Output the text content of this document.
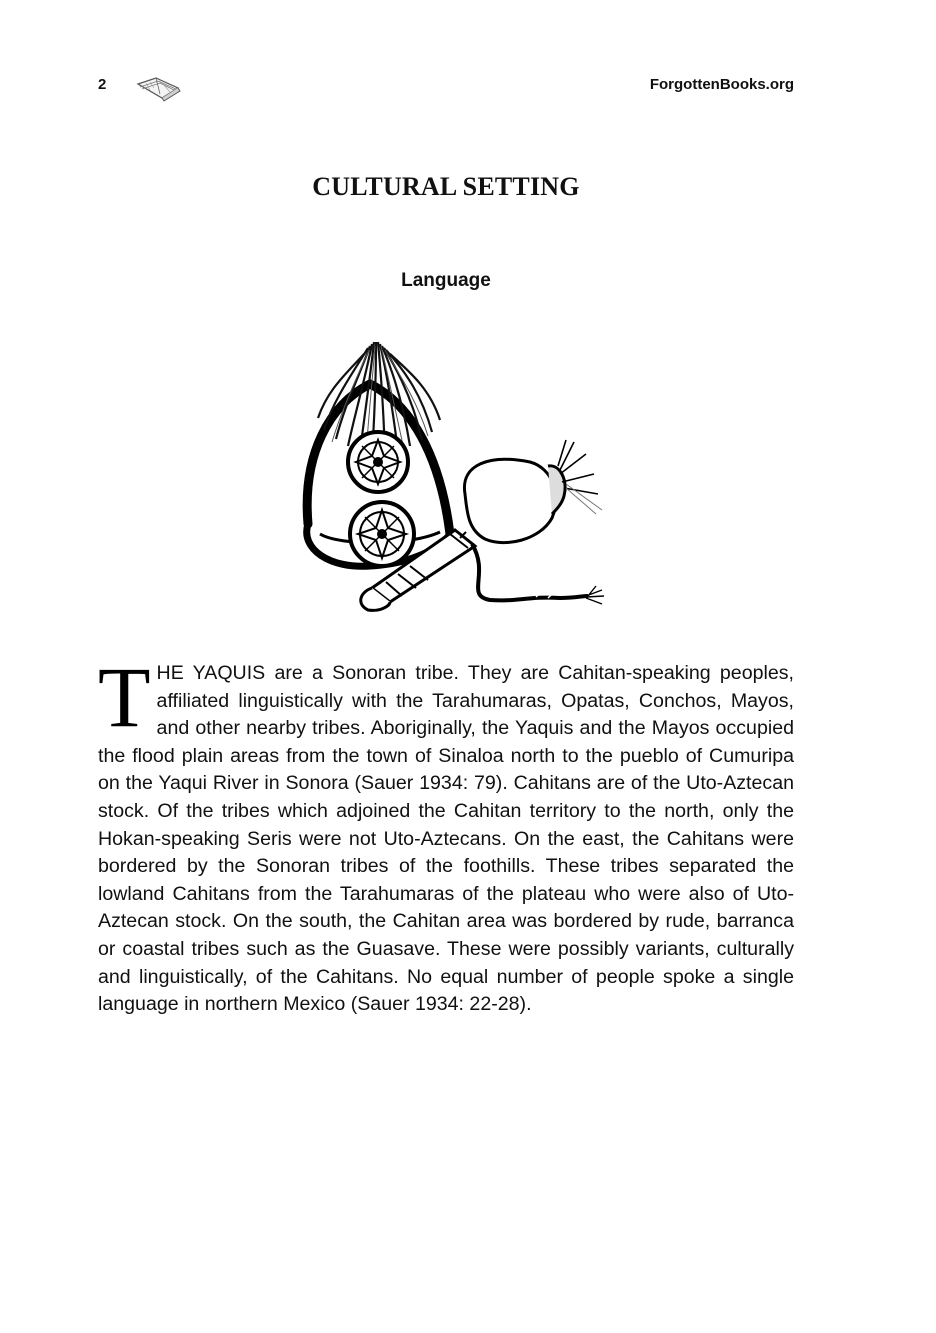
2	ForgottenBooks.org
CULTURAL SETTING
Language

THE YAQUIS are a Sonoran tribe. They are Cahitan-speaking peoples, affiliated linguistically with the Tarahumaras, Opatas, Conchos, Mayos, and other nearby tribes. Aboriginally, the Yaquis and the Mayos occupied the flood plain areas from the town of Sinaloa north to the pueblo of Cumuripa on the Yaqui River in Sonora (Sauer 1934: 79). Cahitans are of the Uto-Aztecan stock. Of the tribes which adjoined the Cahitan territory to the north, only the Hokan-speaking Seris were not Uto-Aztecans. On the east, the Cahitans were bordered by the Sonoran tribes of the foothills. These tribes separated the lowland Cahitans from the Tarahumaras of the plateau who were also of Uto-Aztecan stock. On the south, the Cahitan area was bordered by rude, barranca or coastal tribes such as the Guasave. These were possibly variants, culturally and linguistically, of the Cahitans. No equal number of people spoke a single language in northern Mexico (Sauer 1934: 22-28).
